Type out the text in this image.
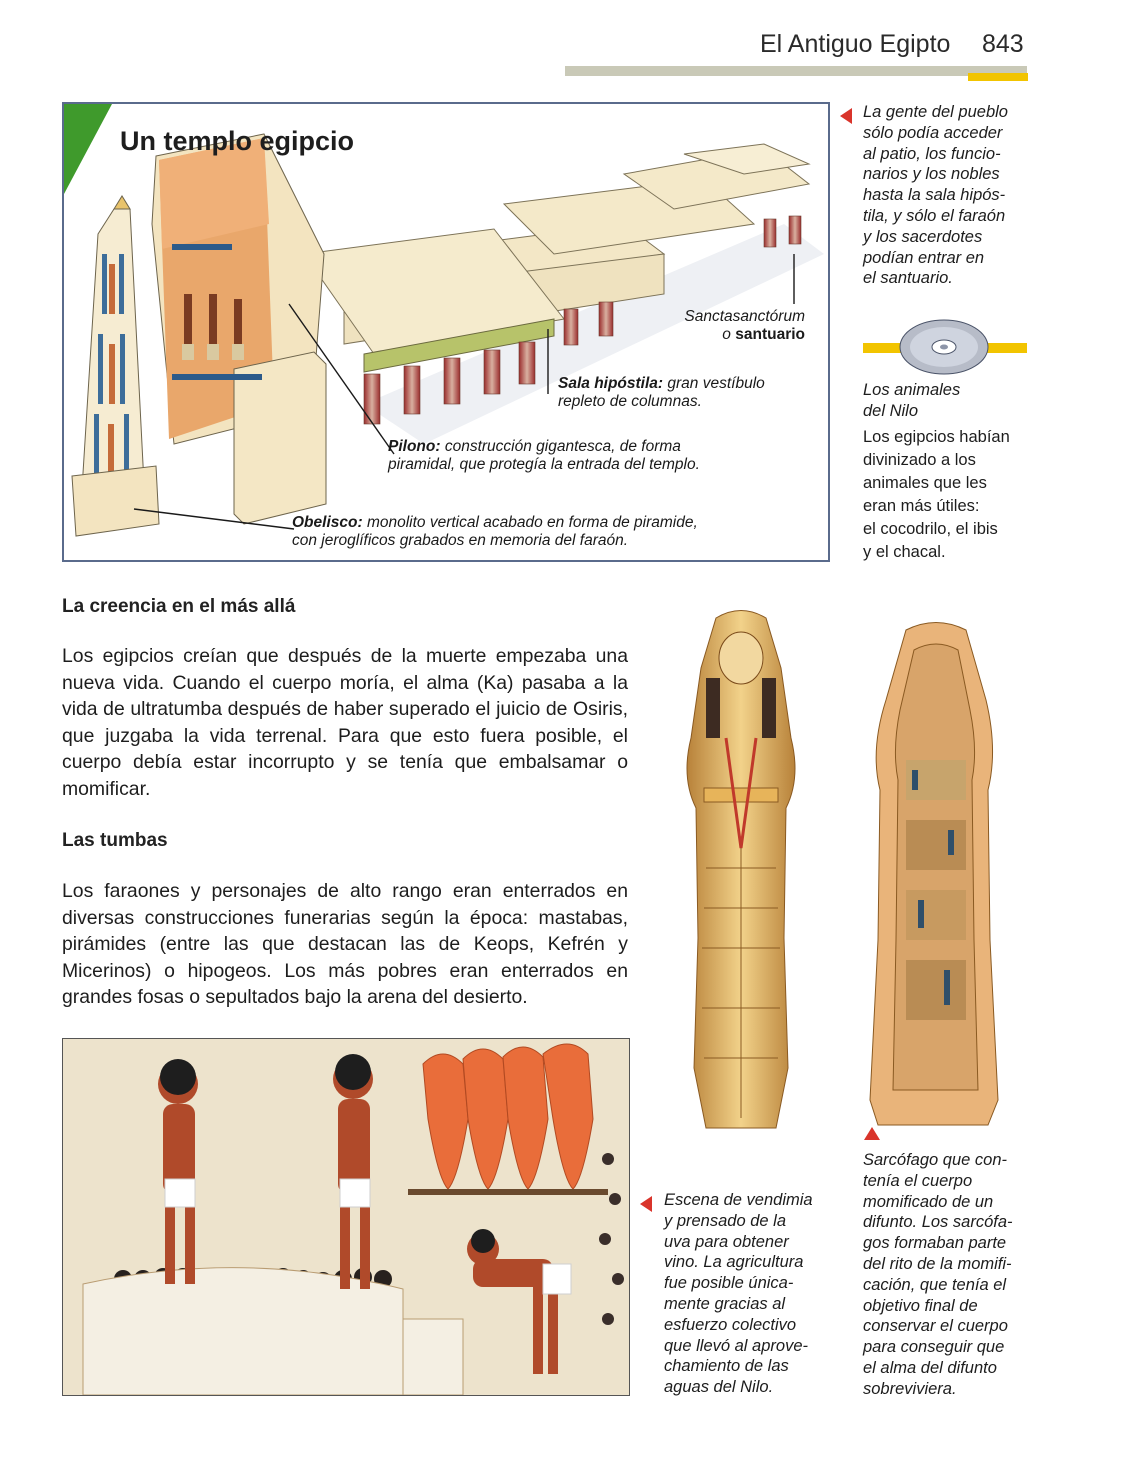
El Antiguo Egipto 843
Un templo egipcio
Sanctasanctórum
o santuario
Sala hipóstila: gran vestíbulo
repleto de columnas.
Pilono: construcción gigantesca, de forma
piramidal, que protegía la entrada del templo.
Obelisco: monolito vertical acabado en forma de piramide,
con jeroglíficos grabados en memoria del faraón.
La gente del pueblo
sólo podía acceder
al patio, los funcio-
narios y los nobles
hasta la sala hipós-
tila, y sólo el faraón
y los sacerdotes
podían entrar en
el santuario.
Los animales
del Nilo
Los egipcios habían
divinizado a los
animales que les
eran más útiles:
el cocodrilo, el ibis
y el chacal.
La creencia en el más allá
Los egipcios creían que después de la muerte empezaba una nueva vida. Cuando el cuerpo moría, el alma (Ka) pasaba a la vida de ultratumba después de haber superado el juicio de Osiris, que juzgaba la vida terrenal. Para que esto fuera posible, el cuerpo debía estar incorrupto y se tenía que embalsamar o momificar.
Las tumbas
Los faraones y personajes de alto rango eran enterrados en diversas construcciones funerarias según la época: mastabas, pirámides (entre las que destacan las de Keops, Kefrén y Micerinos) o hipogeos. Los más pobres eran enterrados en grandes fosas o sepultados bajo la arena del desierto.
Escena de vendimia
y prensado de la
uva para obtener
vino. La agricultura
fue posible única-
mente gracias al
esfuerzo colectivo
que llevó al aprove-
chamiento de las
aguas del Nilo.
Sarcófago que con-
tenía el cuerpo
momificado de un
difunto. Los sarcófa-
gos formaban parte
del rito de la momifi-
cación, que tenía el
objetivo final de
conservar el cuerpo
para conseguir que
el alma del difunto
sobreviviera.
